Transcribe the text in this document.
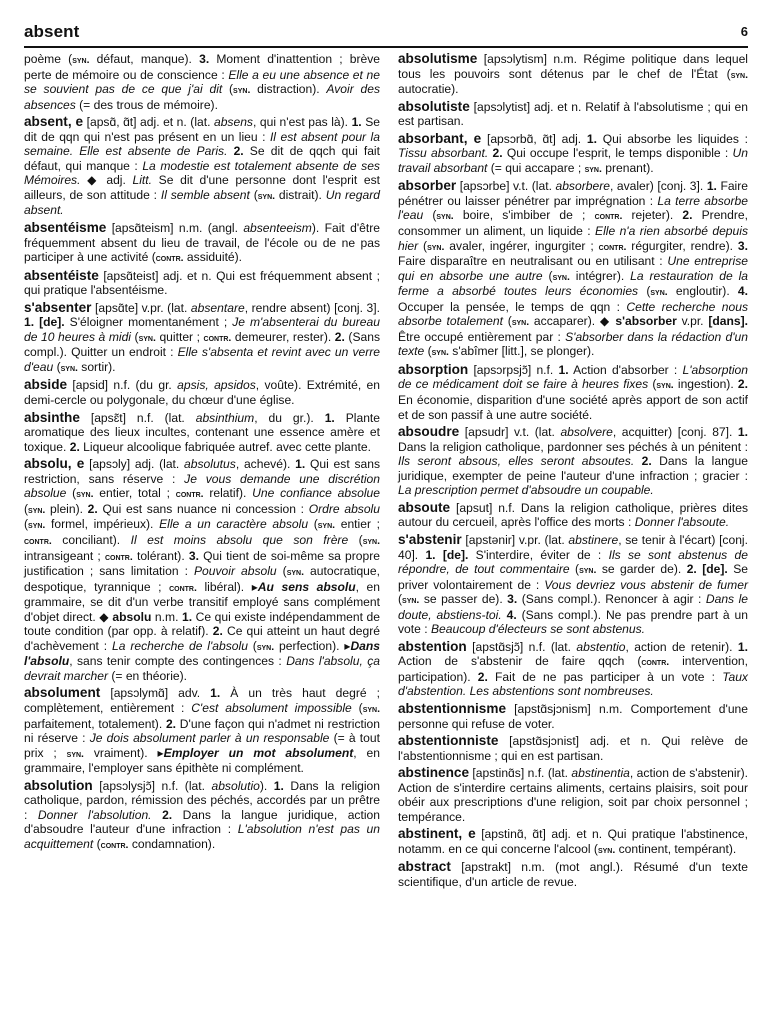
absent	6

poème (syn. défaut, manque). 3. Moment d'inattention ; brève perte de mémoire ou de conscience : Elle a eu une absence et ne se souvient pas de ce que j'ai dit (syn. distraction). Avoir des absences (= des trous de mémoire).

absent, e [apsɑ̃, ɑ̃t] adj. et n. (lat. absens, qui n'est pas là). 1. Se dit de qqn qui n'est pas présent en un lieu : Il est absent pour la semaine. Elle est absente de Paris. 2. Se dit de qqch qui fait défaut, qui manque : La modestie est totalement absente de ses Mémoires. ◆ adj. Litt. Se dit d'une personne dont l'esprit est ailleurs, de son attitude : Il semble absent (syn. distrait). Un regard absent.

absentéisme [apsɑ̃teism] n.m. (angl. absenteeism). Fait d'être fréquemment absent du lieu de travail, de l'école ou de ne pas participer à une activité (contr. assiduité).

absentéiste [apsɑ̃teist] adj. et n. Qui est fréquemment absent ; qui pratique l'absentéisme.

s'absenter [apsɑ̃te] v.pr. (lat. absentare, rendre absent) [conj. 3]. 1. [de]. S'éloigner momentanément ; Je m'absenterai du bureau de 10 heures à midi (syn. quitter ; contr. demeurer, rester). 2. (Sans compl.). Quitter un endroit : Elle s'absenta et revint avec un verre d'eau (syn. sortir).

abside [apsid] n.f. (du gr. apsis, apsidos, voûte). Extrémité, en demi-cercle ou polygonale, du chœur d'une église.

absinthe [apsɛ̃t] n.f. (lat. absinthium, du gr.). 1. Plante aromatique des lieux incultes, contenant une essence amère et toxique. 2. Liqueur alcoolique fabriquée autref. avec cette plante.

absolu, e [apsɔly] adj. (lat. absolutus, achevé). 1. Qui est sans restriction, sans réserve : Je vous demande une discrétion absolue (syn. entier, total ; contr. relatif). Une confiance absolue (syn. plein). 2. Qui est sans nuance ni concession : Ordre absolu (syn. formel, impérieux). Elle a un caractère absolu (syn. entier ; contr. conciliant). Il est moins absolu que son frère (syn. intransigeant ; contr. tolérant). 3. Qui tient de soi-même sa propre justification ; sans limitation : Pouvoir absolu (syn. autocratique, despotique, tyrannique ; contr. libéral). ▸Au sens absolu, en grammaire, se dit d'un verbe transitif employé sans complément d'objet direct. ◆ absolu n.m. 1. Ce qui existe indépendamment de toute condition (par opp. à relatif). 2. Ce qui atteint un haut degré d'achèvement : La recherche de l'absolu (syn. perfection). ▸Dans l'absolu, sans tenir compte des contingences : Dans l'absolu, ça devrait marcher (= en théorie).

absolument [apsɔlymɑ̃] adv. 1. À un très haut degré ; complètement, entièrement : C'est absolument impossible (syn. parfaitement, totalement). 2. D'une façon qui n'admet ni restriction ni réserve : Je dois absolument parler à un responsable (= à tout prix ; syn. vraiment). ▸Employer un mot absolument, en grammaire, l'employer sans épithète ni complément.

absolution [apsɔlysjɔ̃] n.f. (lat. absolutio). 1. Dans la religion catholique, pardon, rémission des péchés, accordés par un prêtre : Donner l'absolution. 2. Dans la langue juridique, action d'absoudre l'auteur d'une infraction : L'absolution n'est pas un acquittement (contr. condamnation).

absolutisme [apsɔlytism] n.m. Régime politique dans lequel tous les pouvoirs sont détenus par le chef de l'État (syn. autocratie).

absolutiste [apsɔlytist] adj. et n. Relatif à l'absolutisme ; qui en est partisan.

absorbant, e [apsɔrbɑ̃, ɑ̃t] adj. 1. Qui absorbe les liquides : Tissu absorbant. 2. Qui occupe l'esprit, le temps disponible : Un travail absorbant (= qui accapare ; syn. prenant).

absorber [apsɔrbe] v.t. (lat. absorbere, avaler) [conj. 3]. 1. Faire pénétrer ou laisser pénétrer par imprégnation : La terre absorbe l'eau (syn. boire, s'imbiber de ; contr. rejeter). 2. Prendre, consommer un aliment, un liquide : Elle n'a rien absorbé depuis hier (syn. avaler, ingérer, ingurgiter ; contr. régurgiter, rendre). 3. Faire disparaître en neutralisant ou en utilisant : Une entreprise qui en absorbe une autre (syn. intégrer). La restauration de la ferme a absorbé toutes leurs économies (syn. engloutir). 4. Occuper la pensée, le temps de qqn : Cette recherche nous absorbe totalement (syn. accaparer). ◆ s'absorber v.pr. [dans]. Être occupé entièrement par : S'absorber dans la rédaction d'un texte (syn. s'abîmer [litt.], se plonger).

absorption [apsɔrpsjɔ̃] n.f. 1. Action d'absorber : L'absorption de ce médicament doit se faire à heures fixes (syn. ingestion). 2. En économie, disparition d'une société après apport de son actif et de son passif à une autre société.

absoudre [apsudr] v.t. (lat. absolvere, acquitter) [conj. 87]. 1. Dans la religion catholique, pardonner ses péchés à un pénitent : Ils seront absous, elles seront absoutes. 2. Dans la langue juridique, exempter de peine l'auteur d'une infraction ; gracier : La prescription permet d'absoudre un coupable.

absoute [apsut] n.f. Dans la religion catholique, prières dites autour du cercueil, après l'office des morts : Donner l'absoute.

s'abstenir [apstənir] v.pr. (lat. abstinere, se tenir à l'écart) [conj. 40]. 1. [de]. S'interdire, éviter de : Ils se sont abstenus de répondre, de tout commentaire (syn. se garder de). 2. [de]. Se priver volontairement de : Vous devriez vous abstenir de fumer (syn. se passer de). 3. (Sans compl.). Renoncer à agir : Dans le doute, abstiens-toi. 4. (Sans compl.). Ne pas prendre part à un vote : Beaucoup d'électeurs se sont abstenus.

abstention [apstɑ̃sjɔ̃] n.f. (lat. abstentio, action de retenir). 1. Action de s'abstenir de faire qqch (contr. intervention, participation). 2. Fait de ne pas participer à un vote : Taux d'abstention. Les abstentions sont nombreuses.

abstentionnisme [apstɑ̃sjɔnism] n.m. Comportement d'une personne qui refuse de voter.

abstentionniste [apstɑ̃sjɔnist] adj. et n. Qui relève de l'abstentionnisme ; qui en est partisan.

abstinence [apstinɑ̃s] n.f. (lat. abstinentia, action de s'abstenir). Action de s'interdire certains aliments, certains plaisirs, soit pour obéir aux prescriptions d'une religion, soit par choix personnel ; tempérance.

abstinent, e [apstinɑ̃, ɑ̃t] adj. et n. Qui pratique l'abstinence, notamm. en ce qui concerne l'alcool (syn. continent, tempérant).

abstract [apstrakt] n.m. (mot angl.). Résumé d'un texte scientifique, d'un article de revue.
